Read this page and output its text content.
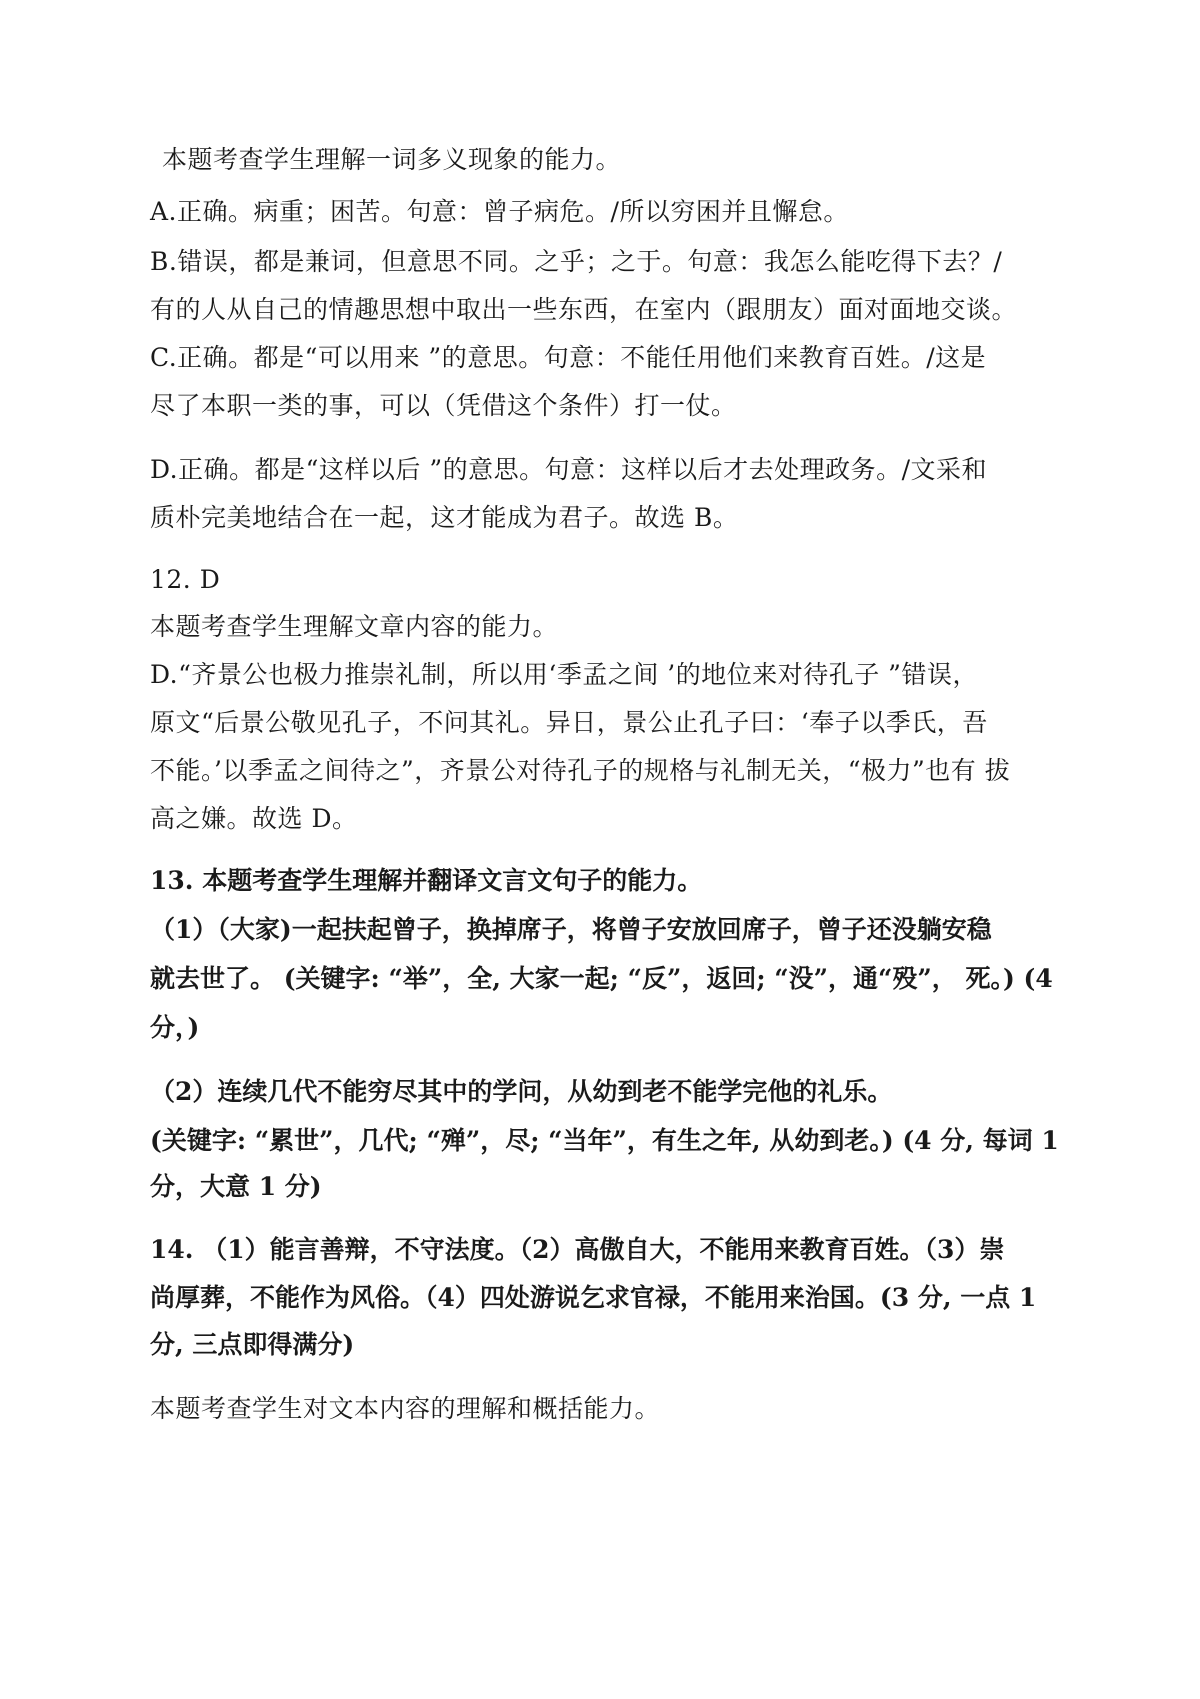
本题考查学生理解一词多义现象的能力。
A.正确。病重；困苦。句意：曾子病危。/所以穷困并且懈怠。
B.错误，都是兼词，但意思不同。之乎；之于。句意：我怎么能吃得下去？/
有的人从自己的情趣思想中取出一些东西，在室内（跟朋友）面对面地交谈。
C.正确。都是“可以用来 ”的意思。句意：不能任用他们来教育百姓。/这是
尽了本职一类的事，可以（凭借这个条件）打一仗。
D.正确。都是“这样以后 ”的意思。句意：这样以后才去处理政务。/文采和
质朴完美地结合在一起，这才能成为君子。故选 B。
12. D
本题考查学生理解文章内容的能力。
D.“齐景公也极力推崇礼制，所以用‘季孟之间 ’的地位来对待孔子 ”错误，
原文“后景公敬见孔子，不问其礼。异日，景公止孔子曰：‘奉子以季氏，吾
不能。’以季孟之间待之”，齐景公对待孔子的规格与礼制无关，“极力”也有 拔
高之嫌。故选 D。
13. 本题考查学生理解并翻译文言文句子的能力。
（1）（大家)一起扶起曾子，换掉席子，将曾子安放回席子，曾子还没躺安稳
就去世了。 (关键字: “举”，全, 大家一起; “反”，返回; “没”，通“殁”， 死。) (4
分，)
（2）连续几代不能穷尽其中的学问，从幼到老不能学完他的礼乐。
(关键字: “累世”，几代; “殚”，尽; “当年”，有生之年, 从幼到老。) (4 分, 每词 1
分，大意 1 分)
14. （1）能言善辩，不守法度。（2）高傲自大，不能用来教育百姓。（3）崇
尚厚葬，不能作为风俗。（4）四处游说乞求官禄，不能用来治国。(3 分, 一点 1
分, 三点即得满分)
本题考查学生对文本内容的理解和概括能力。
